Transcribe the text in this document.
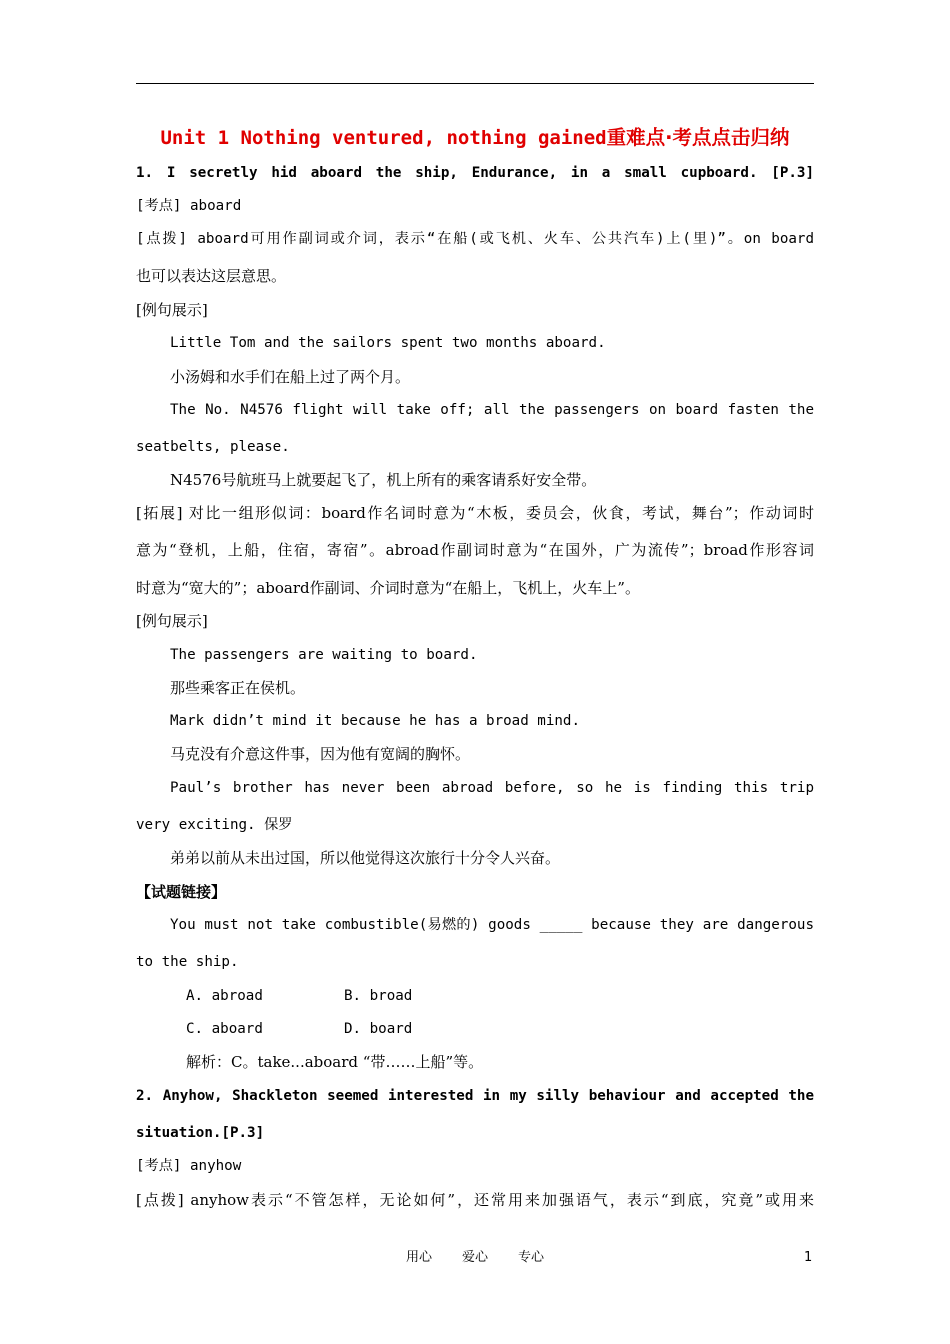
Unit 1 Nothing ventured, nothing gained重难点·考点点击归纳
1. I secretly hid aboard the ship, Endurance, in a small cupboard. [P.3]
[考点] aboard
[点拨] aboard可用作副词或介词，表示“在船(或飞机、火车、公共汽车)上(里)”。on board
也可以表达这层意思。
[例句展示]
Little Tom and the sailors spent two months aboard.
小汤姆和水手们在船上过了两个月。
The No. N4576 flight will take off; all the passengers on board fasten the
seatbelts, please.
N4576号航班马上就要起飞了，机上所有的乘客请系好安全带。
[拓展] 对比一组形似词：board作名词时意为“木板，委员会，伙食，考试，舞台”；作动词时
意为“登机，上船，住宿，寄宿”。abroad作副词时意为“在国外，广为流传”；broad作形容词
时意为“宽大的”；aboard作副词、介词时意为“在船上，飞机上，火车上”。
[例句展示]
The passengers are waiting to board.
那些乘客正在侯机。
Mark didn’t mind it because he has a broad mind.
马克没有介意这件事，因为他有宽阔的胸怀。
Paul’s brother has never been abroad before, so he is finding this trip
very exciting. 保罗
弟弟以前从未出过国，所以他觉得这次旅行十分令人兴奋。
【试题链接】
You must not take combustible(易燃的) goods _____ because they are dangerous
to the ship.
A. abroad	B. broad
C. aboard	D. board
解析：C。take...aboard “带……上船”等。
2. Anyhow, Shackleton seemed interested in my silly behaviour and accepted the
situation.[P.3]
[考点] anyhow
[点拨] anyhow表示“不管怎样，无论如何”，还常用来加强语气，表示“到底，究竟”或用来
用心 爱心 专心	1
